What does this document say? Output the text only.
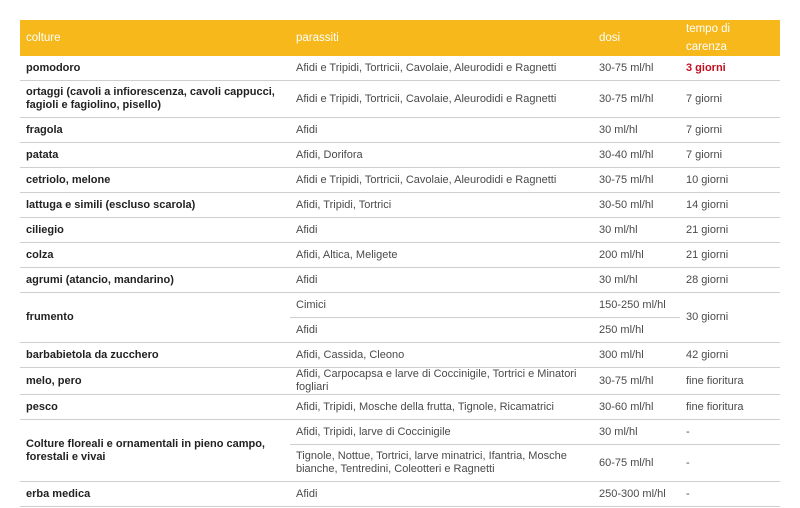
colture	parassiti	dosi	tempo di carenza
pomodoro	Afidi e Tripidi, Tortricii, Cavolaie, Aleurodidi e Ragnetti	30-75 ml/hl	3 giorni
ortaggi (cavoli a infiorescenza, cavoli cappucci, fagioli e fagiolino, pisello)	Afidi e Tripidi, Tortricii, Cavolaie, Aleurodidi e Ragnetti	30-75 ml/hl	7 giorni
fragola	Afidi	30 ml/hl	7 giorni
patata	Afidi, Dorifora	30-40 ml/hl	7 giorni
cetriolo, melone	Afidi e Tripidi, Tortricii, Cavolaie, Aleurodidi e Ragnetti	30-75 ml/hl	10 giorni
lattuga e simili (escluso scarola)	Afidi, Tripidi, Tortrici	30-50 ml/hl	14 giorni
ciliegio	Afidi	30 ml/hl	21 giorni
colza	Afidi, Altica, Meligete	200 ml/hl	21 giorni
agrumi (atancio, mandarino)	Afidi	30 ml/hl	28 giorni
frumento	Cimici	150-250 ml/hl	30 giorni
	Afidi	250 ml/hl	
barbabietola da zucchero	Afidi, Cassida, Cleono	300 ml/hl	42 giorni
melo, pero	Afidi, Carpocapsa e larve di Coccinigile, Tortrici e Minatori fogliari	30-75 ml/hl	fine fioritura
pesco	Afidi, Tripidi, Mosche della frutta, Tignole, Ricamatrici	30-60 ml/hl	fine fioritura
Colture floreali e ornamentali in pieno campo, forestali e vivai	Afidi, Tripidi, larve di Coccinigile	30 ml/hl	-
	Tignole, Nottue, Tortrici, larve minatrici, Ifantria, Mosche bianche, Tentredini, Coleotteri e Ragnetti	60-75 ml/hl	-
erba medica	Afidi	250-300 ml/hl	-
